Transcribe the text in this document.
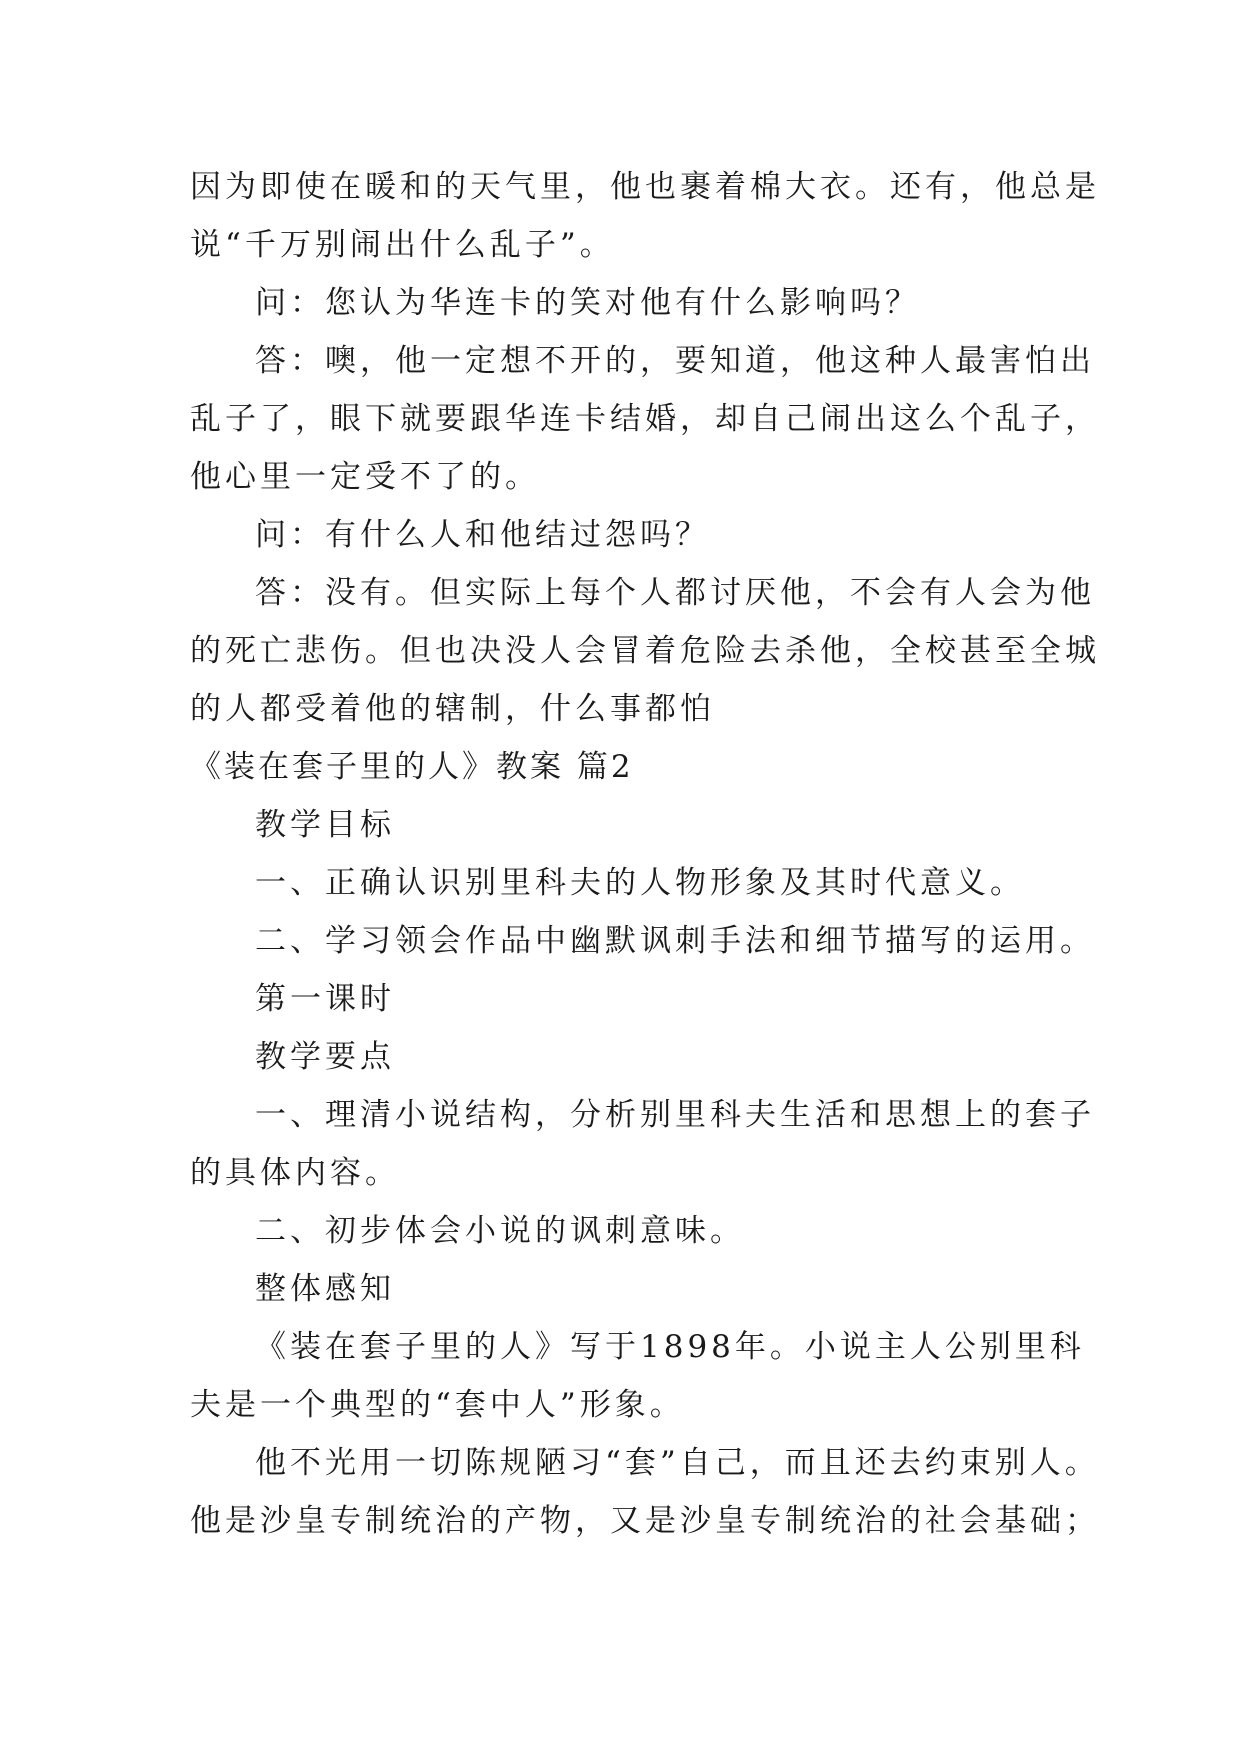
因为即使在暖和的天气里，他也裹着棉大衣。还有，他总是
说“千万别闹出什么乱子”。
问：您认为华连卡的笑对他有什么影响吗？
答：噢，他一定想不开的，要知道，他这种人最害怕出
乱子了，眼下就要跟华连卡结婚，却自己闹出这么个乱子，
他心里一定受不了的。
问：有什么人和他结过怨吗？
答：没有。但实际上每个人都讨厌他，不会有人会为他
的死亡悲伤。但也决没人会冒着危险去杀他，全校甚至全城
的人都受着他的辖制，什么事都怕
《装在套子里的人》教案 篇2
教学目标
一、正确认识别里科夫的人物形象及其时代意义。
二、学习领会作品中幽默讽刺手法和细节描写的运用。
第一课时
教学要点
一、理清小说结构，分析别里科夫生活和思想上的套子
的具体内容。
二、初步体会小说的讽刺意味。
整体感知
《装在套子里的人》写于1898年。小说主人公别里科
夫是一个典型的“套中人”形象。
他不光用一切陈规陋习“套”自己，而且还去约束别人。
他是沙皇专制统治的产物，又是沙皇专制统治的社会基础；
